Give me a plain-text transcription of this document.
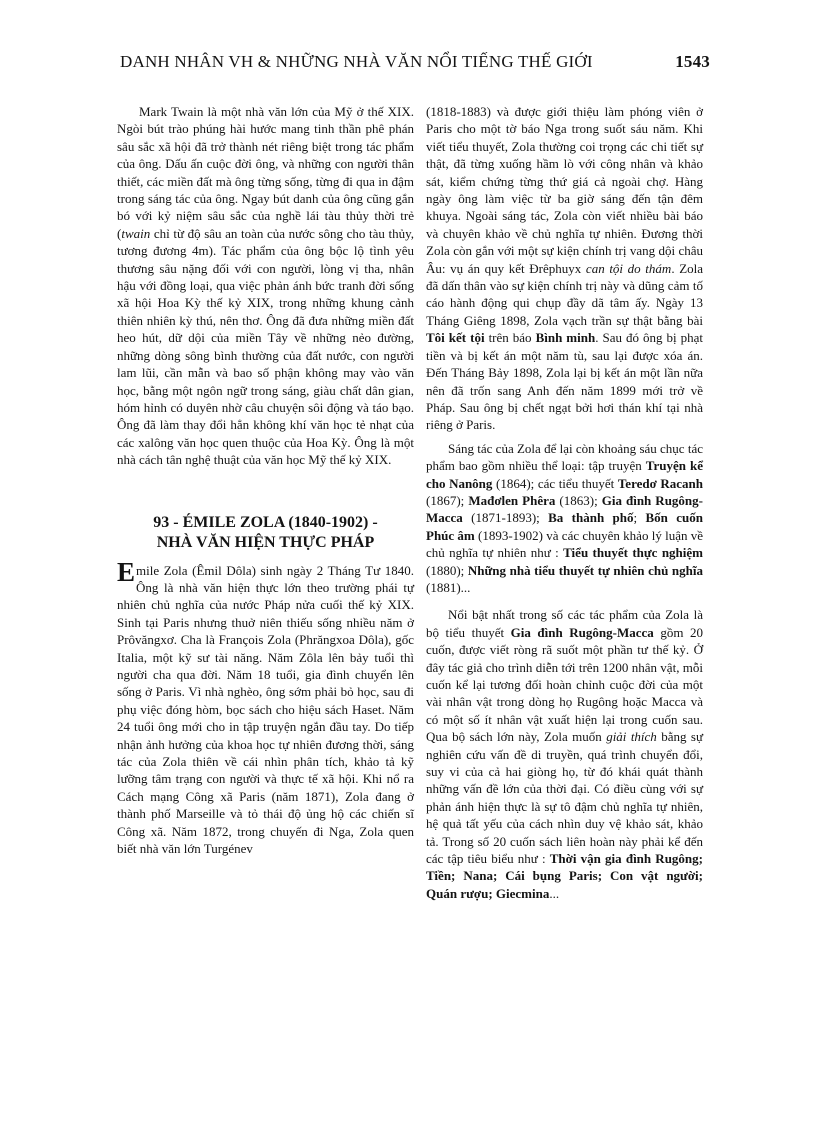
DANH NHÂN VH & NHỮNG NHÀ VĂN NỔI TIẾNG THẾ GIỚI	1543

Mark Twain là một nhà văn lớn của Mỹ ở thế XIX. Ngòi bút trào phúng hài hước mang tinh thần phê phán sâu sắc xã hội đã trở thành nét riêng biệt trong tác phẩm của ông. Dấu ấn cuộc đời ông, và những con người thân thiết, các miền đất mà ông từng sống, từng đi qua in đậm trong sáng tác của ông. Ngay bút danh của ông cũng gắn bó với kỷ niệm sâu sắc của nghề lái tàu thủy thời trẻ (twain chỉ từ độ sâu an toàn của nước sông cho tàu thủy, tương đương 4m). Tác phẩm của ông bộc lộ tình yêu thương sâu nặng đối với con người, lòng vị tha, nhân hậu với đồng loại, qua việc phản ánh bức tranh đời sống xã hội Hoa Kỳ thế kỷ XIX, trong những khung cảnh thiên nhiên kỳ thú, nên thơ. Ông đã đưa những miền đất heo hút, dữ dội của miền Tây về những nẻo đường, những dòng sông bình thường của đất nước, con người lam lũi, cần mẫn và bao số phận không may vào văn học, bằng một ngôn ngữ trong sáng, giàu chất dân gian, hóm hỉnh có duyên nhờ câu chuyện sôi động và táo bạo. Ông đã làm thay đổi hẳn không khí văn học tẻ nhạt của các xalông văn học quen thuộc của Hoa Kỳ. Ông là một nhà cách tân nghệ thuật của văn học Mỹ thế kỷ XIX.

93 - ÉMILE ZOLA (1840-1902) -
NHÀ VĂN HIỆN THỰC PHÁP

Emile Zola (Êmil Dôla) sinh ngày 2 Tháng Tư 1840. Ông là nhà văn hiện thực lớn theo trường phái tự nhiên chủ nghĩa của nước Pháp nửa cuối thế kỷ XIX. Sinh tại Paris nhưng thuở niên thiếu sống nhiều năm ở Prôvăngxơ. Cha là François Zola (Phrăngxoa Dôla), gốc Italia, một kỹ sư tài năng. Năm Zôla lên bảy tuổi thì người cha qua đời. Năm 18 tuổi, gia đình chuyển lên sống ở Paris. Vì nhà nghèo, ông sớm phải bỏ học, sau đi phụ việc đóng hòm, bọc sách cho hiệu sách Haset. Năm 24 tuổi ông mới cho in tập truyện ngắn đầu tay. Do tiếp nhận ảnh hưởng của khoa học tự nhiên đương thời, sáng tác của Zola thiên về cái nhìn phân tích, khảo tả kỹ lưỡng tâm trạng con người và thực tế xã hội. Khi nổ ra Cách mạng Công xã Paris (năm 1871), Zola đang ở thành phố Marseille và tỏ thái độ ủng hộ các chiến sĩ Công xã. Năm 1872, trong chuyến đi Nga, Zola quen biết nhà văn lớn Turgénev

(1818-1883) và được giới thiệu làm phóng viên ở Paris cho một tờ báo Nga trong suốt sáu năm. Khi viết tiểu thuyết, Zola thường coi trọng các chi tiết sự thật, đã từng xuống hầm lò với công nhân và khảo sát, kiểm chứng từng thứ giá cả ngoài chợ. Hàng ngày ông làm việc từ ba giờ sáng đến tận đêm khuya. Ngoài sáng tác, Zola còn viết nhiều bài báo và chuyên khảo về chủ nghĩa tự nhiên. Đương thời Zola còn gắn với một sự kiện chính trị vang dội châu Âu: vụ án quy kết Đrêphuyx can tội do thám. Zola đã dấn thân vào sự kiện chính trị này và dũng cảm tố cáo hành động qui chụp đầy dã tâm ấy. Ngày 13 Tháng Giêng 1898, Zola vạch trần sự thật bằng bài Tôi kết tội trên báo Bình minh. Sau đó ông bị phạt tiền và bị kết án một năm tù, sau lại được xóa án. Đến Tháng Bảy 1898, Zola lại bị kết án một lần nữa nên đã trốn sang Anh đến năm 1899 mới trở về Pháp. Sau ông bị chết ngạt bởi hơi thán khí tại nhà riêng ở Paris.

Sáng tác của Zola để lại còn khoảng sáu chục tác phẩm bao gồm nhiều thể loại: tập truyện Truyện kể cho Nanông (1864); các tiểu thuyết Teredơ Racanh (1867); Mađơlen Phêra (1863); Gia đình Rugông-Macca (1871-1893); Ba thành phố; Bốn cuốn Phúc âm (1893-1902) và các chuyên khảo lý luận về chủ nghĩa tự nhiên như : Tiểu thuyết thực nghiệm (1880); Những nhà tiểu thuyết tự nhiên chủ nghĩa (1881)...

Nổi bật nhất trong số các tác phẩm của Zola là bộ tiểu thuyết Gia đình Rugông-Macca gồm 20 cuốn, được viết ròng rã suốt một phần tư thế kỷ. Ở đây tác giả cho trình diễn tới trên 1200 nhân vật, mỗi cuốn kể lại tương đối hoàn chỉnh cuộc đời của một vài nhân vật trong dòng họ Rugông hoặc Macca và có một số ít nhân vật xuất hiện lại trong cuốn sau. Qua bộ sách lớn này, Zola muốn giải thích bằng sự nghiên cứu vấn đề di truyền, quá trình chuyển đổi, suy vi của cả hai giòng họ, từ đó khái quát thành những vấn đề lớn của thời đại. Có điều cùng với sự phản ánh hiện thực là sự tô đậm chủ nghĩa tự nhiên, hệ quả tất yếu của cách nhìn duy vệ khảo sát, khảo tả. Trong số 20 cuốn sách liên hoàn này phải kể đến các tập tiêu biểu như : Thời vận gia đình Rugông; Tiền; Nana; Cái bụng Paris; Con vật người; Quán rượu; Giecmina...
